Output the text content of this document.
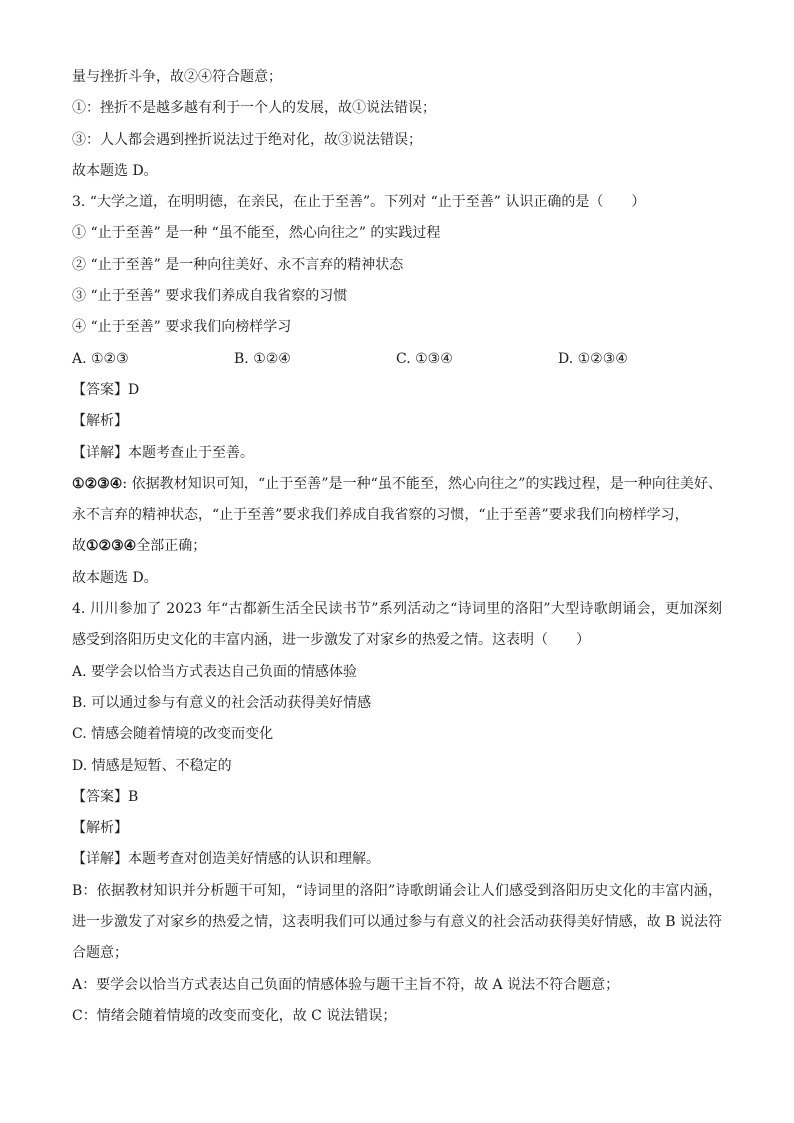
量与挫折斗争，故②④符合题意；

①：挫折不是越多越有利于一个人的发展，故①说法错误；

③：人人都会遇到挫折说法过于绝对化，故③说法错误；

故本题选 D。

3. “大学之道，在明明德，在亲民，在止于至善”。下列对 “止于至善” 认识正确的是（　　）

① “止于至善” 是一种 “虽不能至，然心向往之” 的实践过程

② “止于至善” 是一种向往美好、永不言弃的精神状态

③ “止于至善” 要求我们养成自我省察的习惯

④ “止于至善” 要求我们向榜样学习

A. ①②③	B. ①②④	C. ①③④	D. ①②③④

【答案】D

【解析】

【详解】本题考查止于至善。

①②③④: 依据教材知识可知，“止于至善”是一种“虽不能至，然心向往之”的实践过程，是一种向往美好、永不言弃的精神状态，“止于至善”要求我们养成自我省察的习惯，“止于至善”要求我们向榜样学习，

故①②③④全部正确；

故本题选 D。

4. 川川参加了 2023 年“古都新生活全民读书节”系列活动之“诗词里的洛阳”大型诗歌朗诵会，更加深刻感受到洛阳历史文化的丰富内涵，进一步激发了对家乡的热爱之情。这表明（　　）

A. 要学会以恰当方式表达自己负面的情感体验

B. 可以通过参与有意义的社会活动获得美好情感

C. 情感会随着情境的改变而变化

D. 情感是短暂、不稳定的

【答案】B

【解析】

【详解】本题考查对创造美好情感的认识和理解。

B：依据教材知识并分析题干可知，“诗词里的洛阳”诗歌朗诵会让人们感受到洛阳历史文化的丰富内涵，进一步激发了对家乡的热爱之情，这表明我们可以通过参与有意义的社会活动获得美好情感，故 B 说法符合题意；

A：要学会以恰当方式表达自己负面的情感体验与题干主旨不符，故 A 说法不符合题意；

C：情绪会随着情境的改变而变化，故 C 说法错误；
